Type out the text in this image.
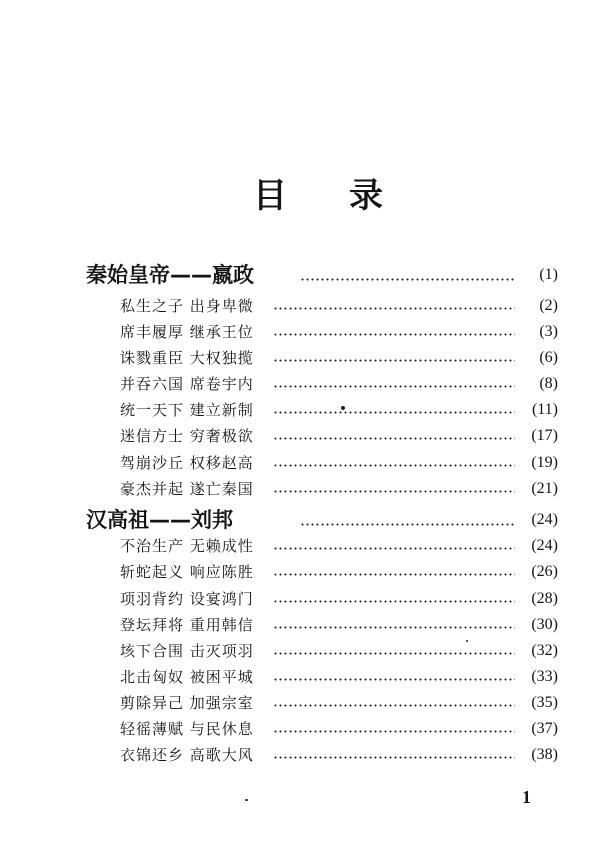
目录
秦始皇帝——嬴政	(1)
私生之子 出身卑微	(2)
席丰履厚 继承王位	(3)
诛戮重臣 大权独揽	(6)
并吞六国 席卷宇内	(8)
统一天下 建立新制	(11)
迷信方士 穷奢极欲	(17)
驾崩沙丘 权移赵高	(19)
豪杰并起 遂亡秦国	(21)
汉高祖——刘邦	(24)
不治生产 无赖成性	(24)
斩蛇起义 响应陈胜	(26)
项羽背约 设宴鸿门	(28)
登坛拜将 重用韩信	(30)
垓下合围 击灭项羽	(32)
北击匈奴 被困平城	(33)
剪除异己 加强宗室	(35)
轻徭薄赋 与民休息	(37)
衣锦还乡 高歌大风	(38)
1
